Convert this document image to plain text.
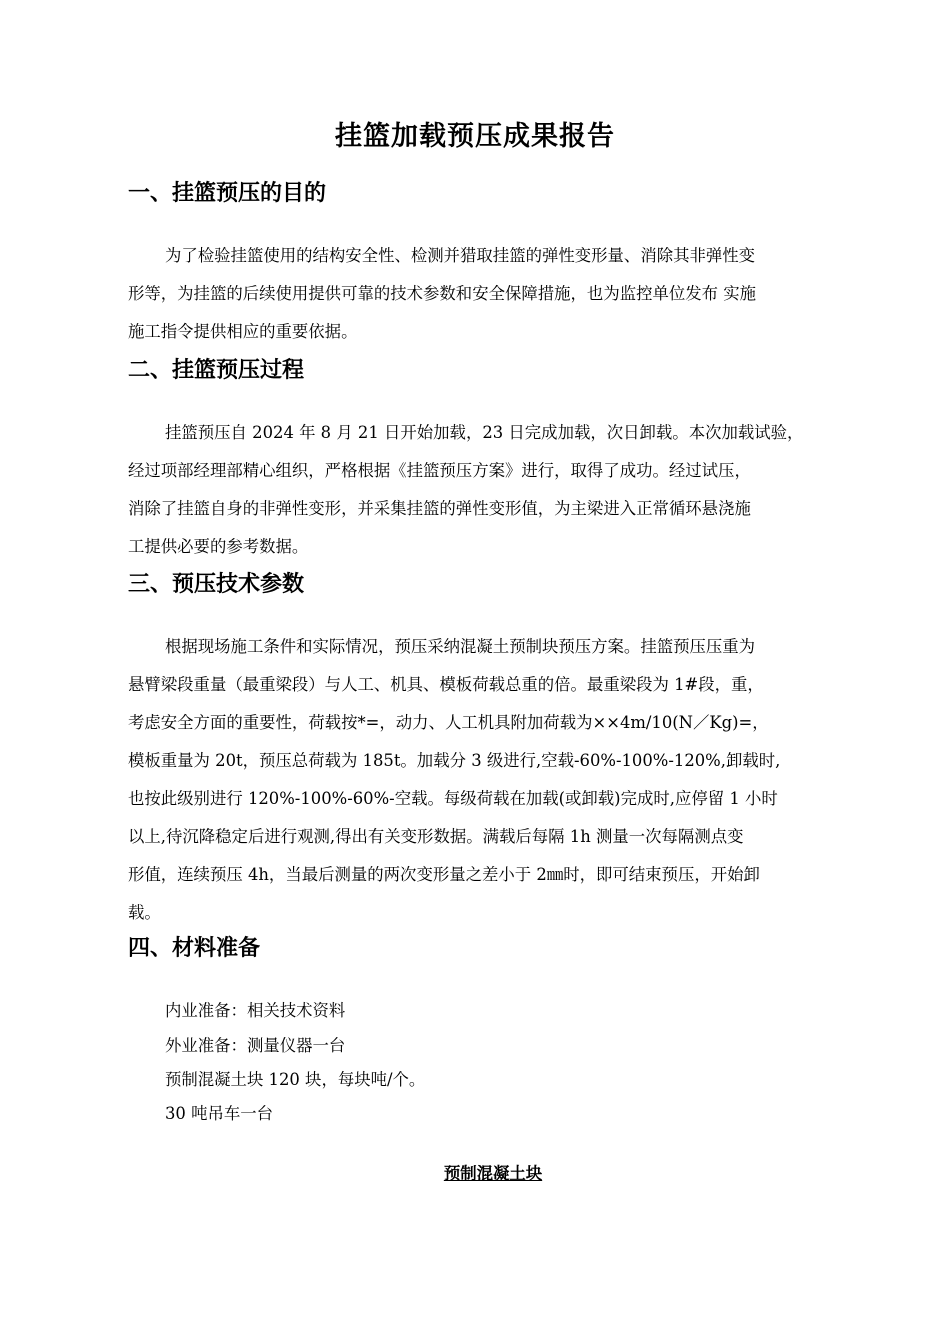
挂篮加载预压成果报告
一、挂篮预压的目的
为了检验挂篮使用的结构安全性、检测并猎取挂篮的弹性变形量、消除其非弹性变
形等，为挂篮的后续使用提供可靠的技术参数和安全保障措施，也为监控单位发布 实施
施工指令提供相应的重要依据。
二、挂篮预压过程
挂篮预压自 2024 年 8 月 21 日开始加载，23 日完成加载，次日卸载。本次加载试验，
经过项部经理部精心组织，严格根据《挂篮预压方案》进行，取得了成功。经过试压，
消除了挂篮自身的非弹性变形，并采集挂篮的弹性变形值，为主梁进入正常循环悬浇施
工提供必要的参考数据。
三、预压技术参数
根据现场施工条件和实际情况，预压采纳混凝土预制块预压方案。挂篮预压压重为
悬臂梁段重量（最重梁段）与人工、机具、模板荷载总重的倍。最重梁段为 1#段，重，
考虑安全方面的重要性，荷载按*=，动力、人工机具附加荷载为××4m/10(N／Kg)=，
模板重量为 20t，预压总荷载为 185t。加载分 3 级进行,空载-60%-100%-120%,卸载时,
也按此级别进行 120%-100%-60%-空载。每级荷载在加载(或卸载)完成时,应停留 1 小时
以上,待沉降稳定后进行观测,得出有关变形数据。满载后每隔 1h 测量一次每隔测点变
形值，连续预压 4h，当最后测量的两次变形量之差小于 2㎜时，即可结束预压，开始卸
载。
四、材料准备

内业准备：相关技术资料

外业准备：测量仪器一台

预制混凝土块 120 块，每块吨/个。

30 吨吊车一台

预制混凝土块
